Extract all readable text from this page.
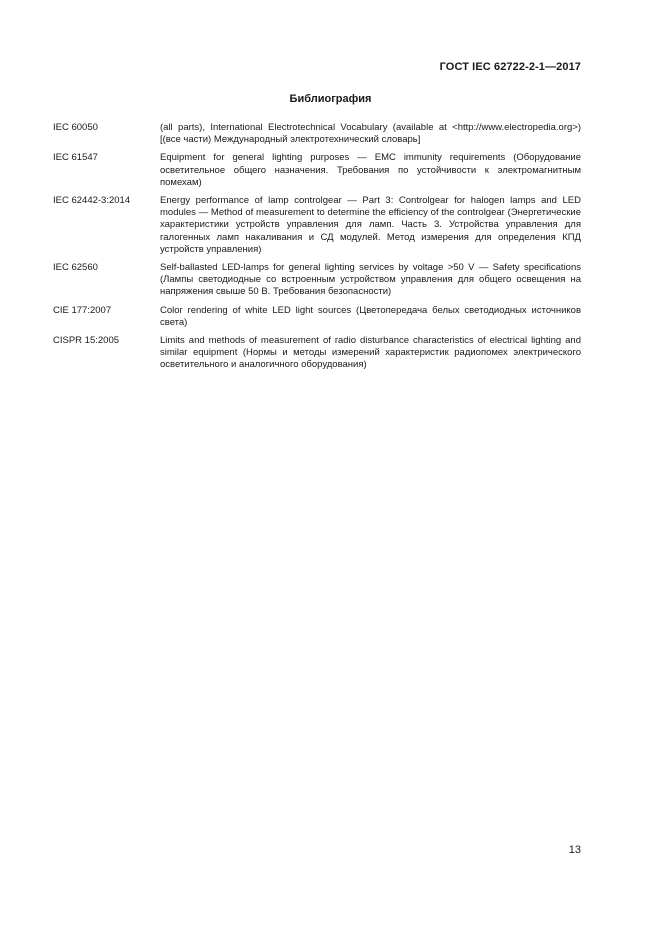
ГОСТ IEC 62722-2-1—2017
Библиография
IEC 60050	(all parts), International Electrotechnical Vocabulary (available at <http://www.electropedia.org>) [(все части) Международный электротехнический словарь]
IEC 61547	Equipment for general lighting purposes — EMC immunity requirements (Оборудование осветительное общего назначения. Требования по устойчивости к электромагнитным помехам)
IEC 62442-3:2014	Energy performance of lamp controlgear — Part 3: Controlgear for halogen lamps and LED modules — Method of measurement to determine the efficiency of the controlgear (Энергетические характеристики устройств управления для ламп. Часть 3. Устройства управления для галогенных ламп накаливания и СД модулей. Метод измерения для определения КПД устройств управления)
IEC 62560	Self-ballasted LED-lamps for general lighting services by voltage >50 V — Safety specifications (Лампы светодиодные со встроенным устройством управления для общего освещения на напряжения свыше 50 В. Требования безопасности)
CIE 177:2007	Color rendering of white LED light sources (Цветопередача белых светодиодных источников света)
CISPR 15:2005	Limits and methods of measurement of radio disturbance characteristics of electrical lighting and similar equipment (Нормы и методы измерений характеристик радиопомех электрического осветительного и аналогичного оборудования)
13
